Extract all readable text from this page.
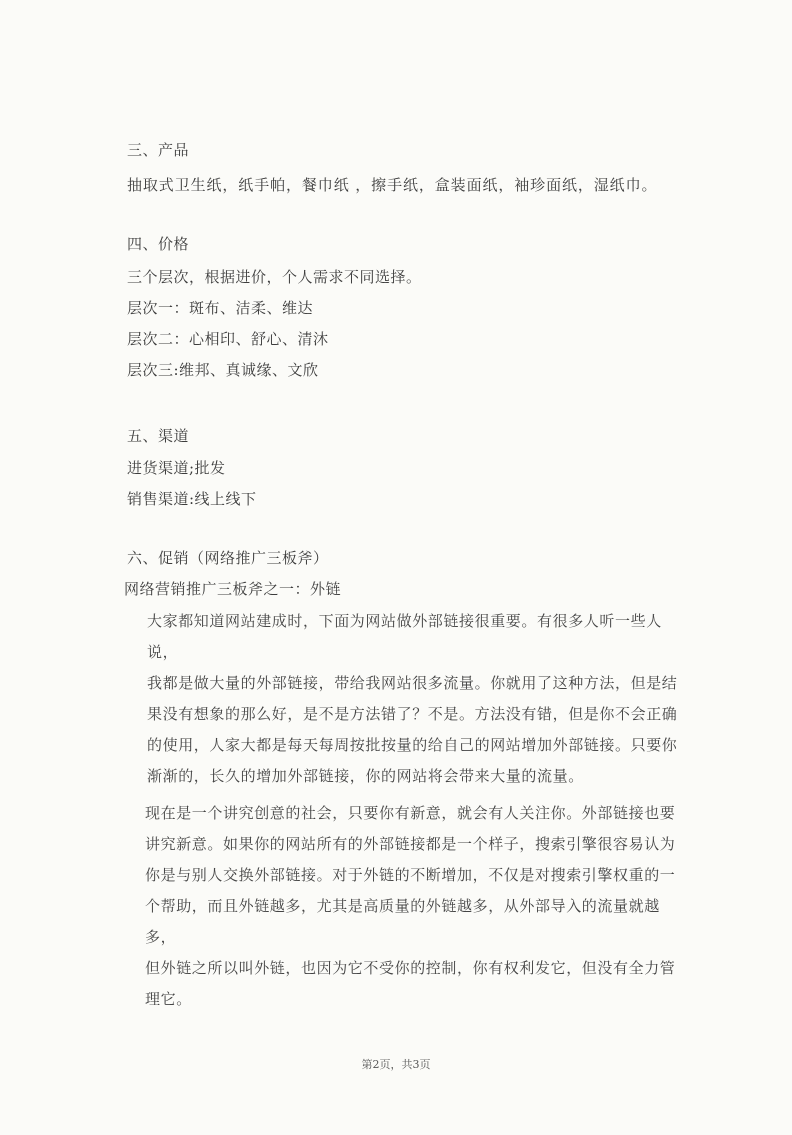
三、产品
抽取式卫生纸，纸手帕，餐巾纸 ，擦手纸，盒装面纸，袖珍面纸，湿纸巾。
四、价格
三个层次，根据进价，个人需求不同选择。
层次一：斑布、洁柔、维达
层次二：心相印、舒心、清沐
层次三:维邦、真诚缘、文欣
五、渠道
进货渠道;批发
销售渠道:线上线下
六、促销（网络推广三板斧）
网络营销推广三板斧之一：外链
大家都知道网站建成时，下面为网站做外部链接很重要。有很多人听一些人说，
我都是做大量的外部链接，带给我网站很多流量。你就用了这种方法，但是结
果没有想象的那么好，是不是方法错了？不是。方法没有错，但是你不会正确
的使用，人家大都是每天每周按批按量的给自己的网站增加外部链接。只要你
渐渐的，长久的增加外部链接，你的网站将会带来大量的流量。
现在是一个讲究创意的社会，只要你有新意，就会有人关注你。外部链接也要
讲究新意。如果你的网站所有的外部链接都是一个样子，搜索引擎很容易认为
你是与别人交换外部链接。对于外链的不断增加，不仅是对搜索引擎权重的一
个帮助，而且外链越多，尤其是高质量的外链越多，从外部导入的流量就越多，
但外链之所以叫外链，也因为它不受你的控制，你有权利发它，但没有全力管
理它。
第2页，共3页
